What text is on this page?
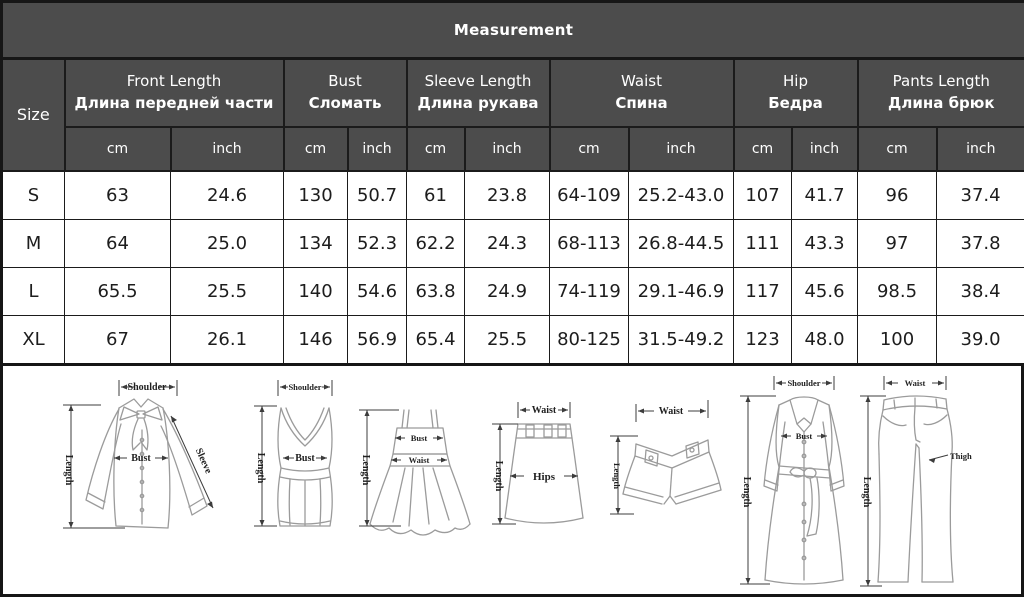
Measurement												
Size	
Front Length
Длина передней части

Bust
Сломать

Sleeve Length
Длина рукава

Waist
Спина

Hip
Бедра

Pants Length
Длина брюк

	cm	inch	cm	inch	cm	inch	cm	inch	cm	inch	cm	inch
S	63	24.6	130	50.7	61	23.8	64-109	25.2-43.0	107	41.7	96	37.4
M	64	25.0	134	52.3	62.2	24.3	68-113	26.8-44.5	111	43.3	97	37.8
L	65.5	25.5	140	54.6	63.8	24.9	74-119	29.1-46.9	117	45.6	98.5	38.4
XL	67	26.1	146	56.9	65.4	25.5	80-125	31.5-49.2	123	48.0	100	39.0
Shoulder
Length	Bust	Sleeve
Shoulder
Length	Bust	Length
Bust
Waist
Waist
Length	Hips
Waist
Length
Shoulder
Length
Bust
Waist
Length
Thigh
